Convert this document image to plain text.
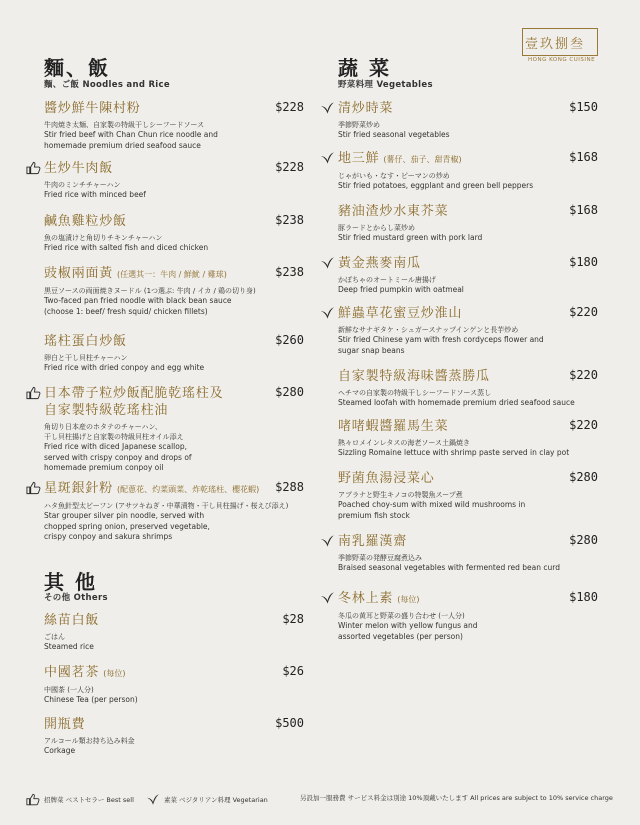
壹玖捌叁
HONG KONG CUISINE
麵、飯
麵、ご飯 Noodles and Rice
醬炒鮮牛陳村粉	$228
牛肉焼き太麺、自家製の特級干しシーフードソース
Stir fried beef with Chan Chun rice noodle and
homemade premium dried seafood sauce
生炒牛肉飯	$228
牛肉のミンチチャーハン
Fried rice with minced beef
鹹魚雞粒炒飯	$238
魚の塩漬けと角切りチキンチャーハン
Fried rice with salted fish and diced chicken
豉椒兩面黃 (任選其一：牛肉 / 鮮魷 / 雞球)	$238
黒豆ソースの両面焼きヌードル (1つ選ぶ: 牛肉 / イカ / 鶏の切り身)
Two-faced pan fried noodle with black bean sauce
(choose 1: beef/ fresh squid/ chicken fillets)
瑤柱蛋白炒飯	$260
卵白と干し貝柱チャーハン
Fried rice with dried conpoy and egg white
日本帶子粒炒飯配脆乾瑤柱及
自家製特級乾瑤柱油
$280
角切り日本産のホタテのチャーハン、
干し貝柱揚げと自家製の特級貝柱オイル添え
Fried rice with diced Japanese scallop,
served with crispy conpoy and drops of
homemade premium conpoy oil
星斑銀針粉 (配蔥花、灼菜頭菜、炸乾瑤柱、櫻花蝦)	$288
ハタ魚針型太ビーフン (アサツキねぎ・中華漬物・干し貝柱揚げ・桜えび添え)
Star grouper silver pin noodle, served with
chopped spring onion, preserved vegetable,
crispy conpoy and sakura shrimps
其 他
その他 Others
絲苗白飯	$28
ごはん
Steamed rice
中國茗茶 (每位)	$26
中國茶 (一人分)
Chinese Tea (per person)
開瓶費	$500
アルコール類お持ち込み料金
Corkage
蔬 菜
野菜料理 Vegetables
清炒時菜	$150
季節野菜炒め
Stir fried seasonal vegetables
地三鮮 (薯仔、茄子、甜青椒)	$168
じゃがいも・なす・ピーマンの炒め
Stir fried potatoes, eggplant and green bell peppers
豬油渣炒水東芥菜	$168
豚ラードとからし菜炒め
Stir fried mustard green with pork lard
黃金燕麥南瓜	$180
かぼちゃのオートミール唐揚げ
Deep fried pumpkin with oatmeal
鮮蟲草花蜜豆炒淮山	$220
新鮮なサナギタケ・シュガースナップインゲンと長芋炒め
Stir fried Chinese yam with fresh cordyceps flower and
sugar snap beans
自家製特級海味醬蒸勝瓜	$220
ヘチマの自家製の特級干しシーフードソース蒸し
Steamed loofah with homemade premium dried seafood sauce
啫啫蝦醬羅馬生菜	$220
熱々ロメインレタスの海老ソース土鍋焼き
Sizzling Romaine lettuce with shrimp paste served in clay pot
野菌魚湯浸菜心	$280
アブラナと野生キノコの特製魚スープ煮
Poached choy-sum with mixed wild mushrooms in
premium fish stock
南乳羅漢齋	$280
季節野菜の発酵豆腐煮込み
Braised seasonal vegetables with fermented red bean curd
冬林上素 (每位)	$180
冬瓜の黄耳と野菜の盛り合わせ (一人分)
Winter melon with yellow fungus and
assorted vegetables (per person)
招牌菜 ベストセラー Best sell	素菜 ベジタリアン料理 Vegetarian	另設加一服務費 サービス料金は別途 10%頂戴いたします All prices are subject to 10% service charge
